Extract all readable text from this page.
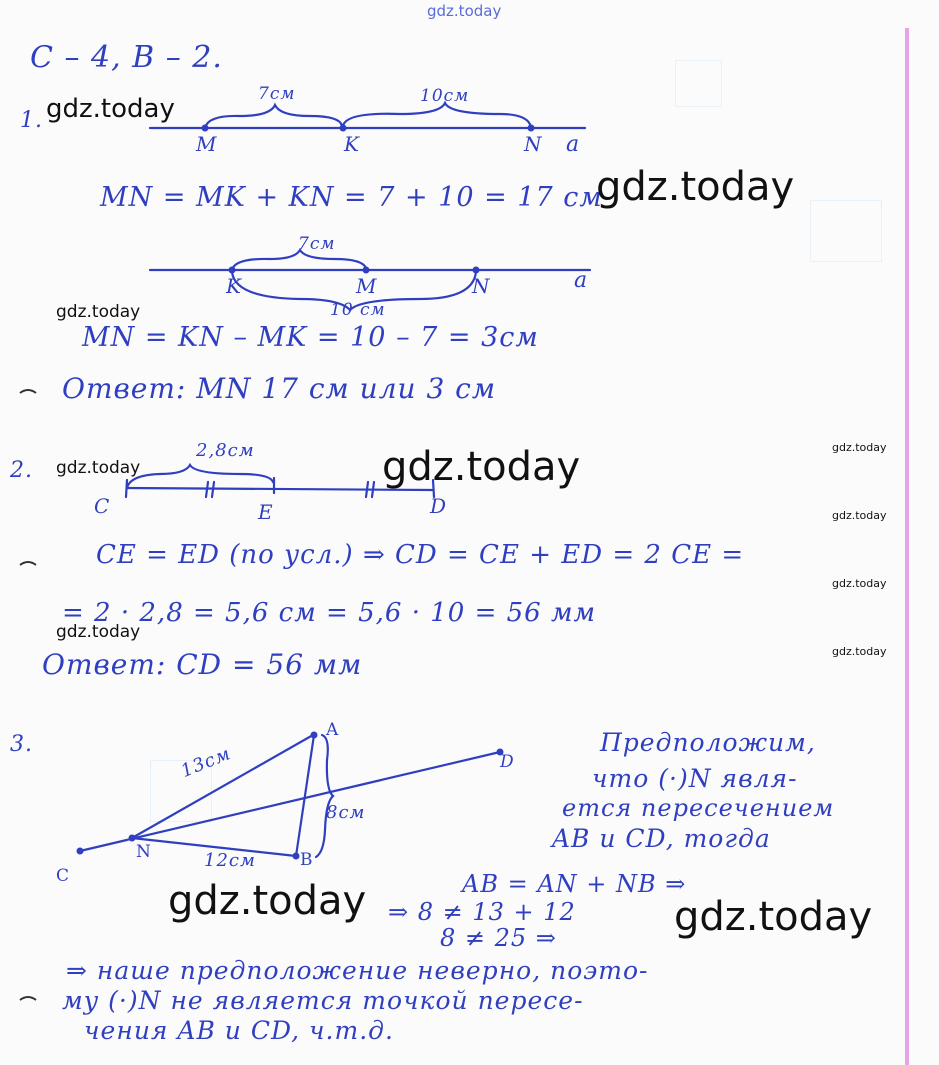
gdz.today
С – 4, В – 2.
1.
7см	10см
M	K	N a
MN = MK + KN = 7 + 10 = 17 см
7см
K	M	N	a
10 см
MN = KN – MK = 10 – 7 = 3см
Ответ: MN 17 см или 3 см
2.
2,8см
C	E	D
CE = ED (по усл.) ⇒ CD = CE + ED = 2 CE =
= 2 · 2,8 = 5,6 см = 5,6 · 10 = 56 мм
Ответ: CD = 56 мм
3.
A
B
C
N
D
13см
8см
12см
Предположим,
что (·)N явля-
ется пересечением
AB и CD, тогда
AB = AN + NB ⇒
⇒ 8 ≠ 13 + 12
8 ≠ 25 ⇒
⇒ наше предположение неверно, поэто-
му (·)N не является точкой пересе-
чения AB и CD, ч.т.д.
gdz.today
gdz.today
gdz.today
gdz.today	gdz.today	gdz.today
gdz.today
gdz.today
gdz.today
gdz.today
gdz.today	gdz.today
